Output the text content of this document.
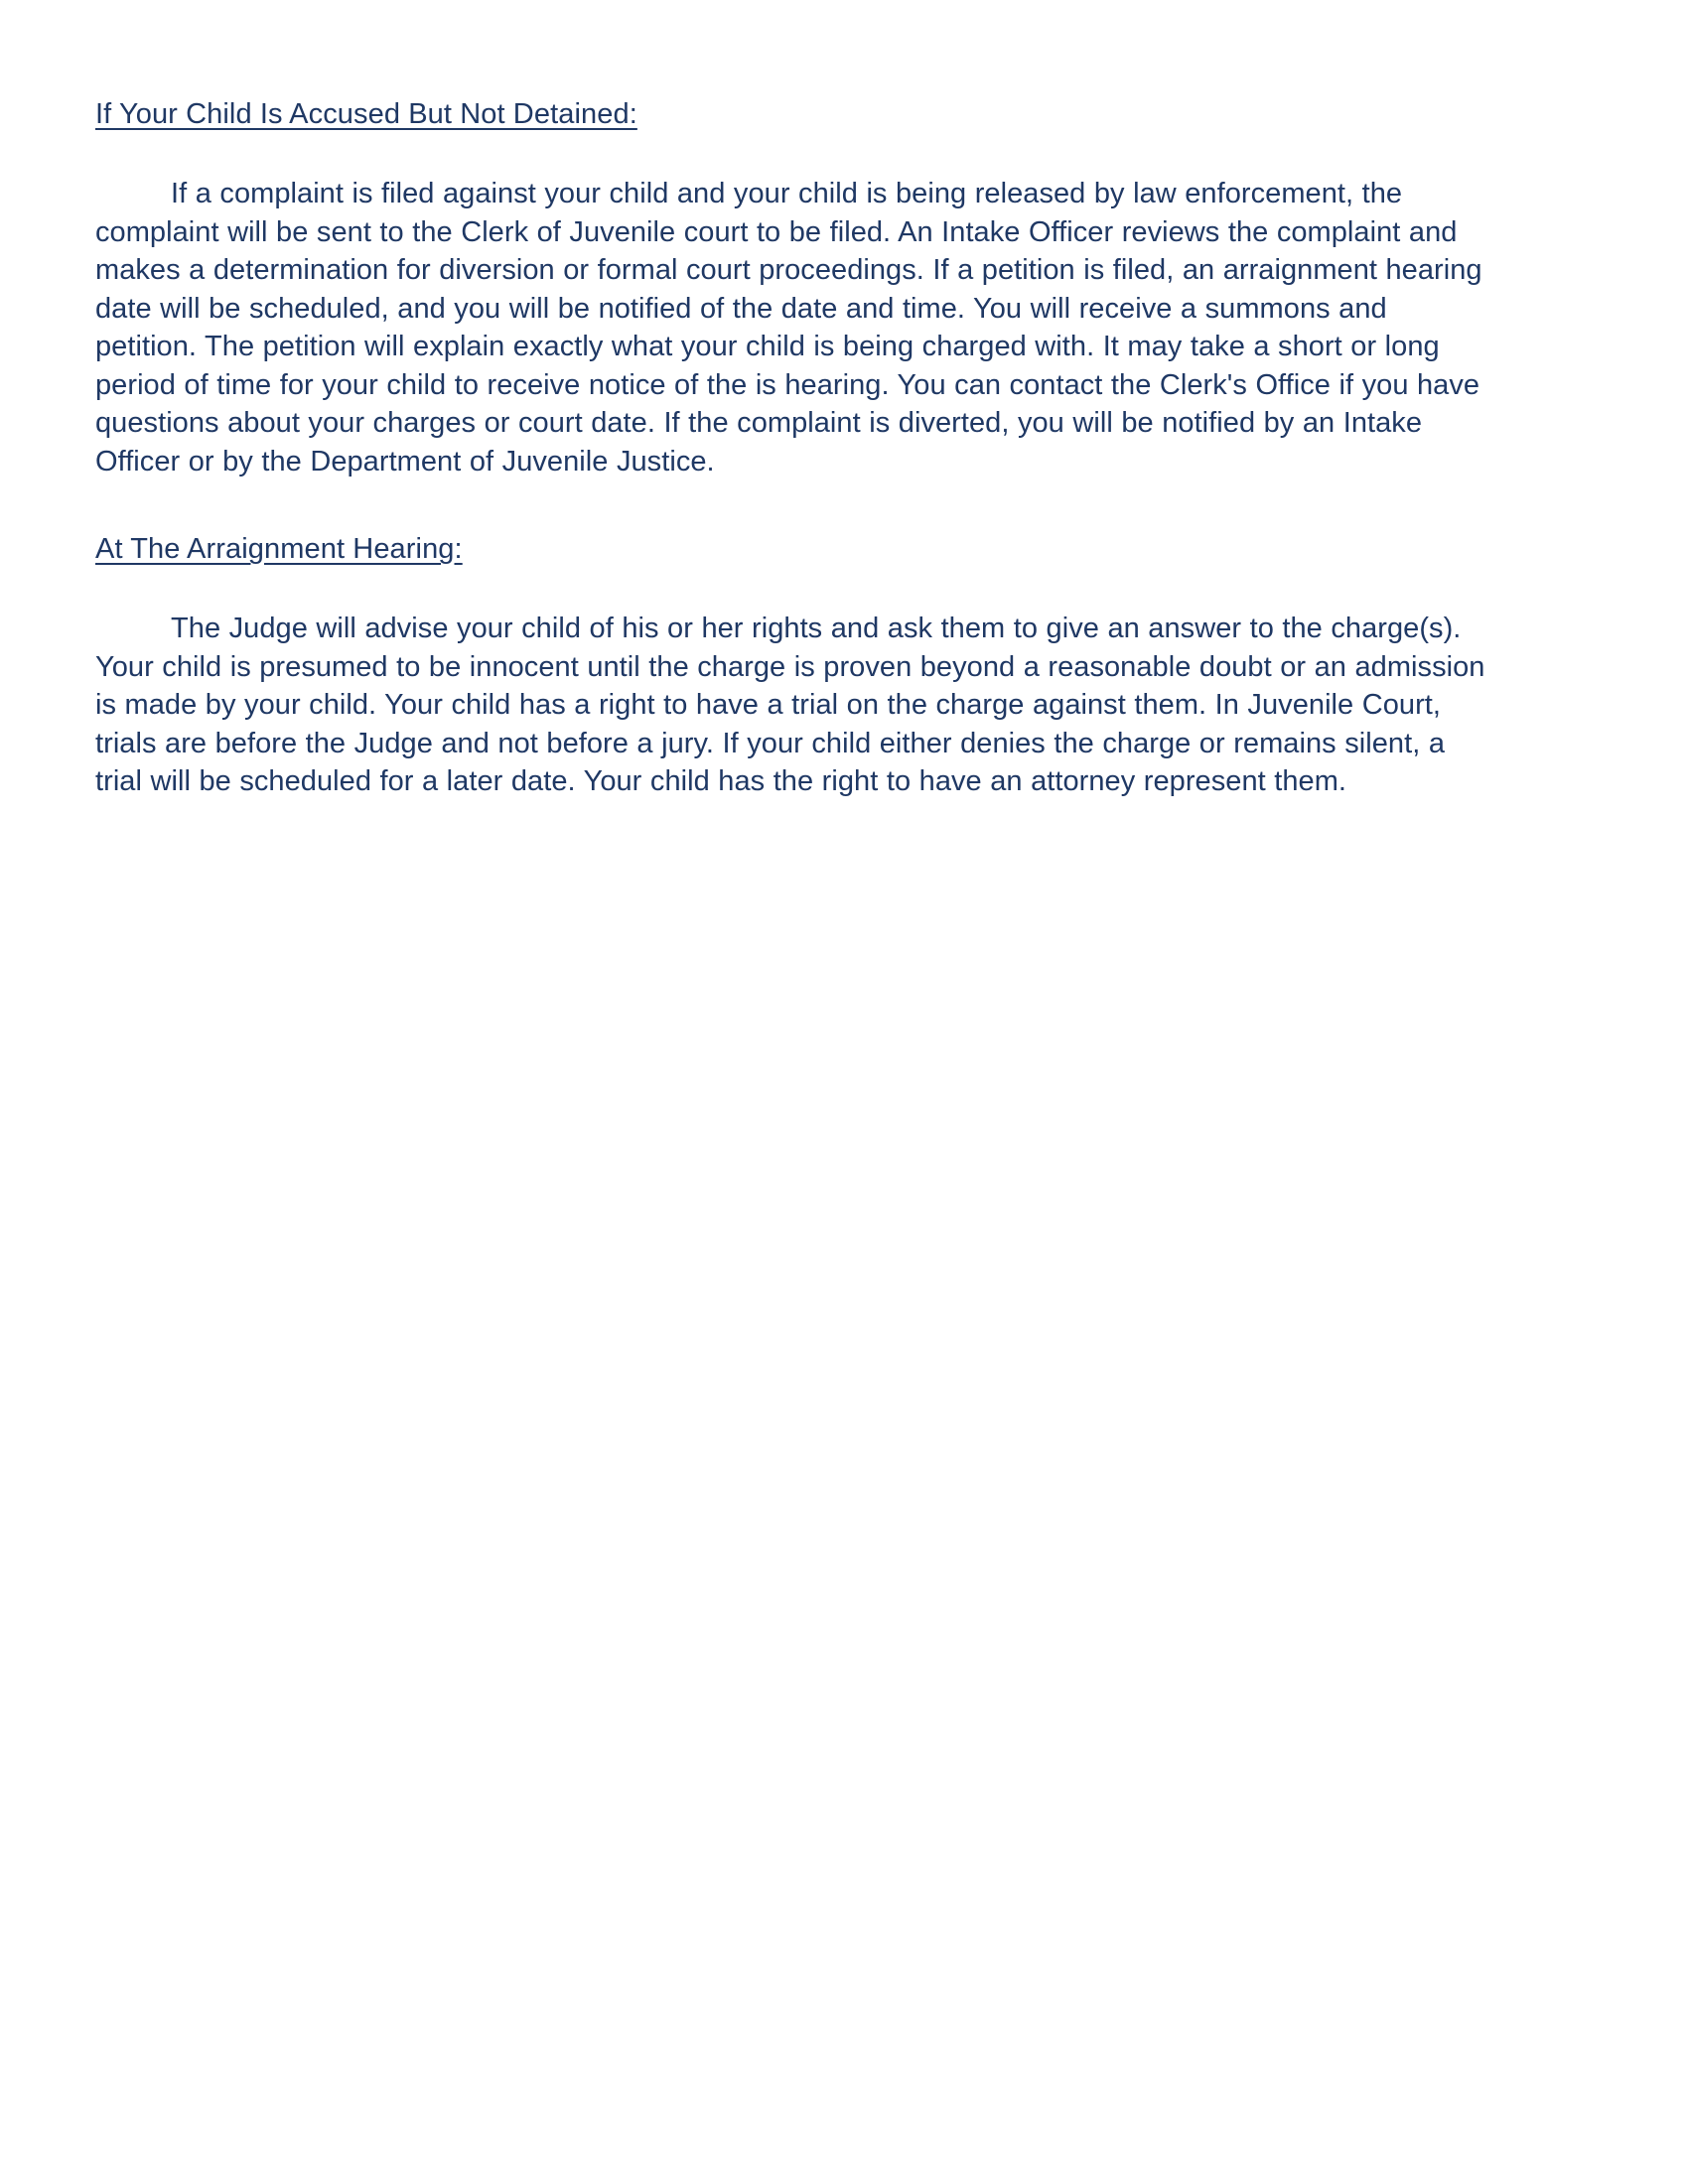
If Your Child Is Accused But Not Detained:

If a complaint is filed against your child and your child is being released by law enforcement, the complaint will be sent to the Clerk of Juvenile court to be filed. An Intake Officer reviews the complaint and makes a determination for diversion or formal court proceedings. If a petition is filed, an arraignment hearing date will be scheduled, and you will be notified of the date and time. You will receive a summons and petition. The petition will explain exactly what your child is being charged with. It may take a short or long period of time for your child to receive notice of the is hearing. You can contact the Clerk's Office if you have questions about your charges or court date. If the complaint is diverted, you will be notified by an Intake Officer or by the Department of Juvenile Justice.

At The Arraignment Hearing:

The Judge will advise your child of his or her rights and ask them to give an answer to the charge(s). Your child is presumed to be innocent until the charge is proven beyond a reasonable doubt or an admission is made by your child. Your child has a right to have a trial on the charge against them. In Juvenile Court, trials are before the Judge and not before a jury. If your child either denies the charge or remains silent, a trial will be scheduled for a later date. Your child has the right to have an attorney represent them.
